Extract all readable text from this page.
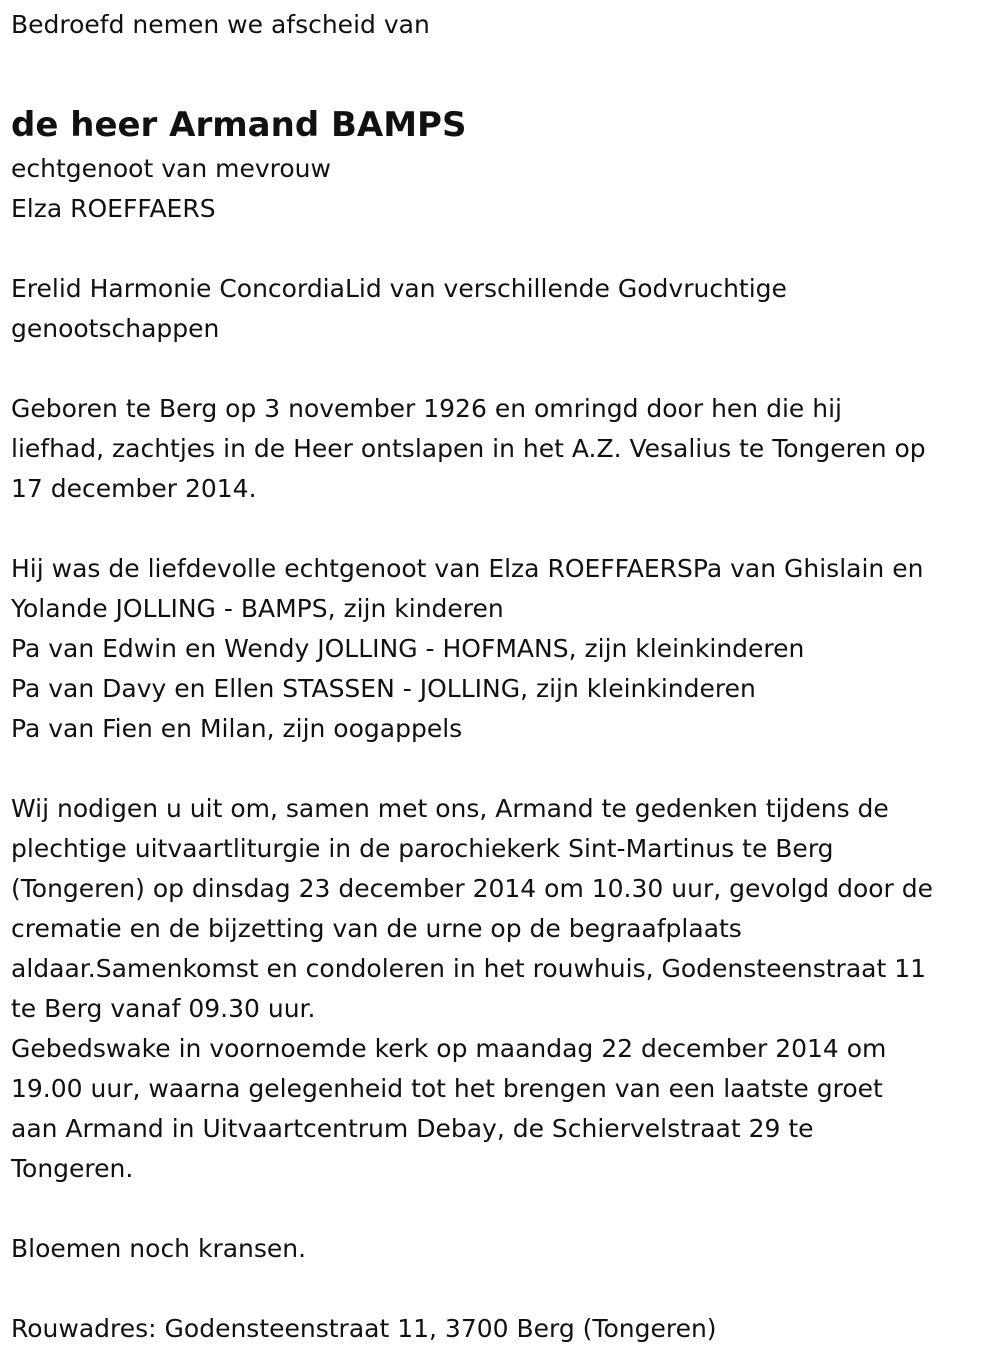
Bedroefd nemen we afscheid van
de heer Armand BAMPS
echtgenoot van mevrouw
Elza ROEFFAERS
Erelid Harmonie ConcordiaLid van verschillende Godvruchtige
genootschappen
Geboren te Berg op 3 november 1926 en omringd door hen die hij
liefhad, zachtjes in de Heer ontslapen in het A.Z. Vesalius te Tongeren op
17 december 2014.
Hij was de liefdevolle echtgenoot van Elza ROEFFAERSPa van Ghislain en
Yolande JOLLING - BAMPS, zijn kinderen
Pa van Edwin en Wendy JOLLING - HOFMANS, zijn kleinkinderen
Pa van Davy en Ellen STASSEN - JOLLING, zijn kleinkinderen
Pa van Fien en Milan, zijn oogappels
Wij nodigen u uit om, samen met ons, Armand te gedenken tijdens de
plechtige uitvaartliturgie in de parochiekerk Sint-Martinus te Berg
(Tongeren) op dinsdag 23 december 2014 om 10.30 uur, gevolgd door de
crematie en de bijzetting van de urne op de begraafplaats
aldaar.Samenkomst en condoleren in het rouwhuis, Godensteenstraat 11
te Berg vanaf 09.30 uur.
Gebedswake in voornoemde kerk op maandag 22 december 2014 om
19.00 uur, waarna gelegenheid tot het brengen van een laatste groet
aan Armand in Uitvaartcentrum Debay, de Schiervelstraat 29 te
Tongeren.
Bloemen noch kransen.
Rouwadres: Godensteenstraat 11, 3700 Berg (Tongeren)
